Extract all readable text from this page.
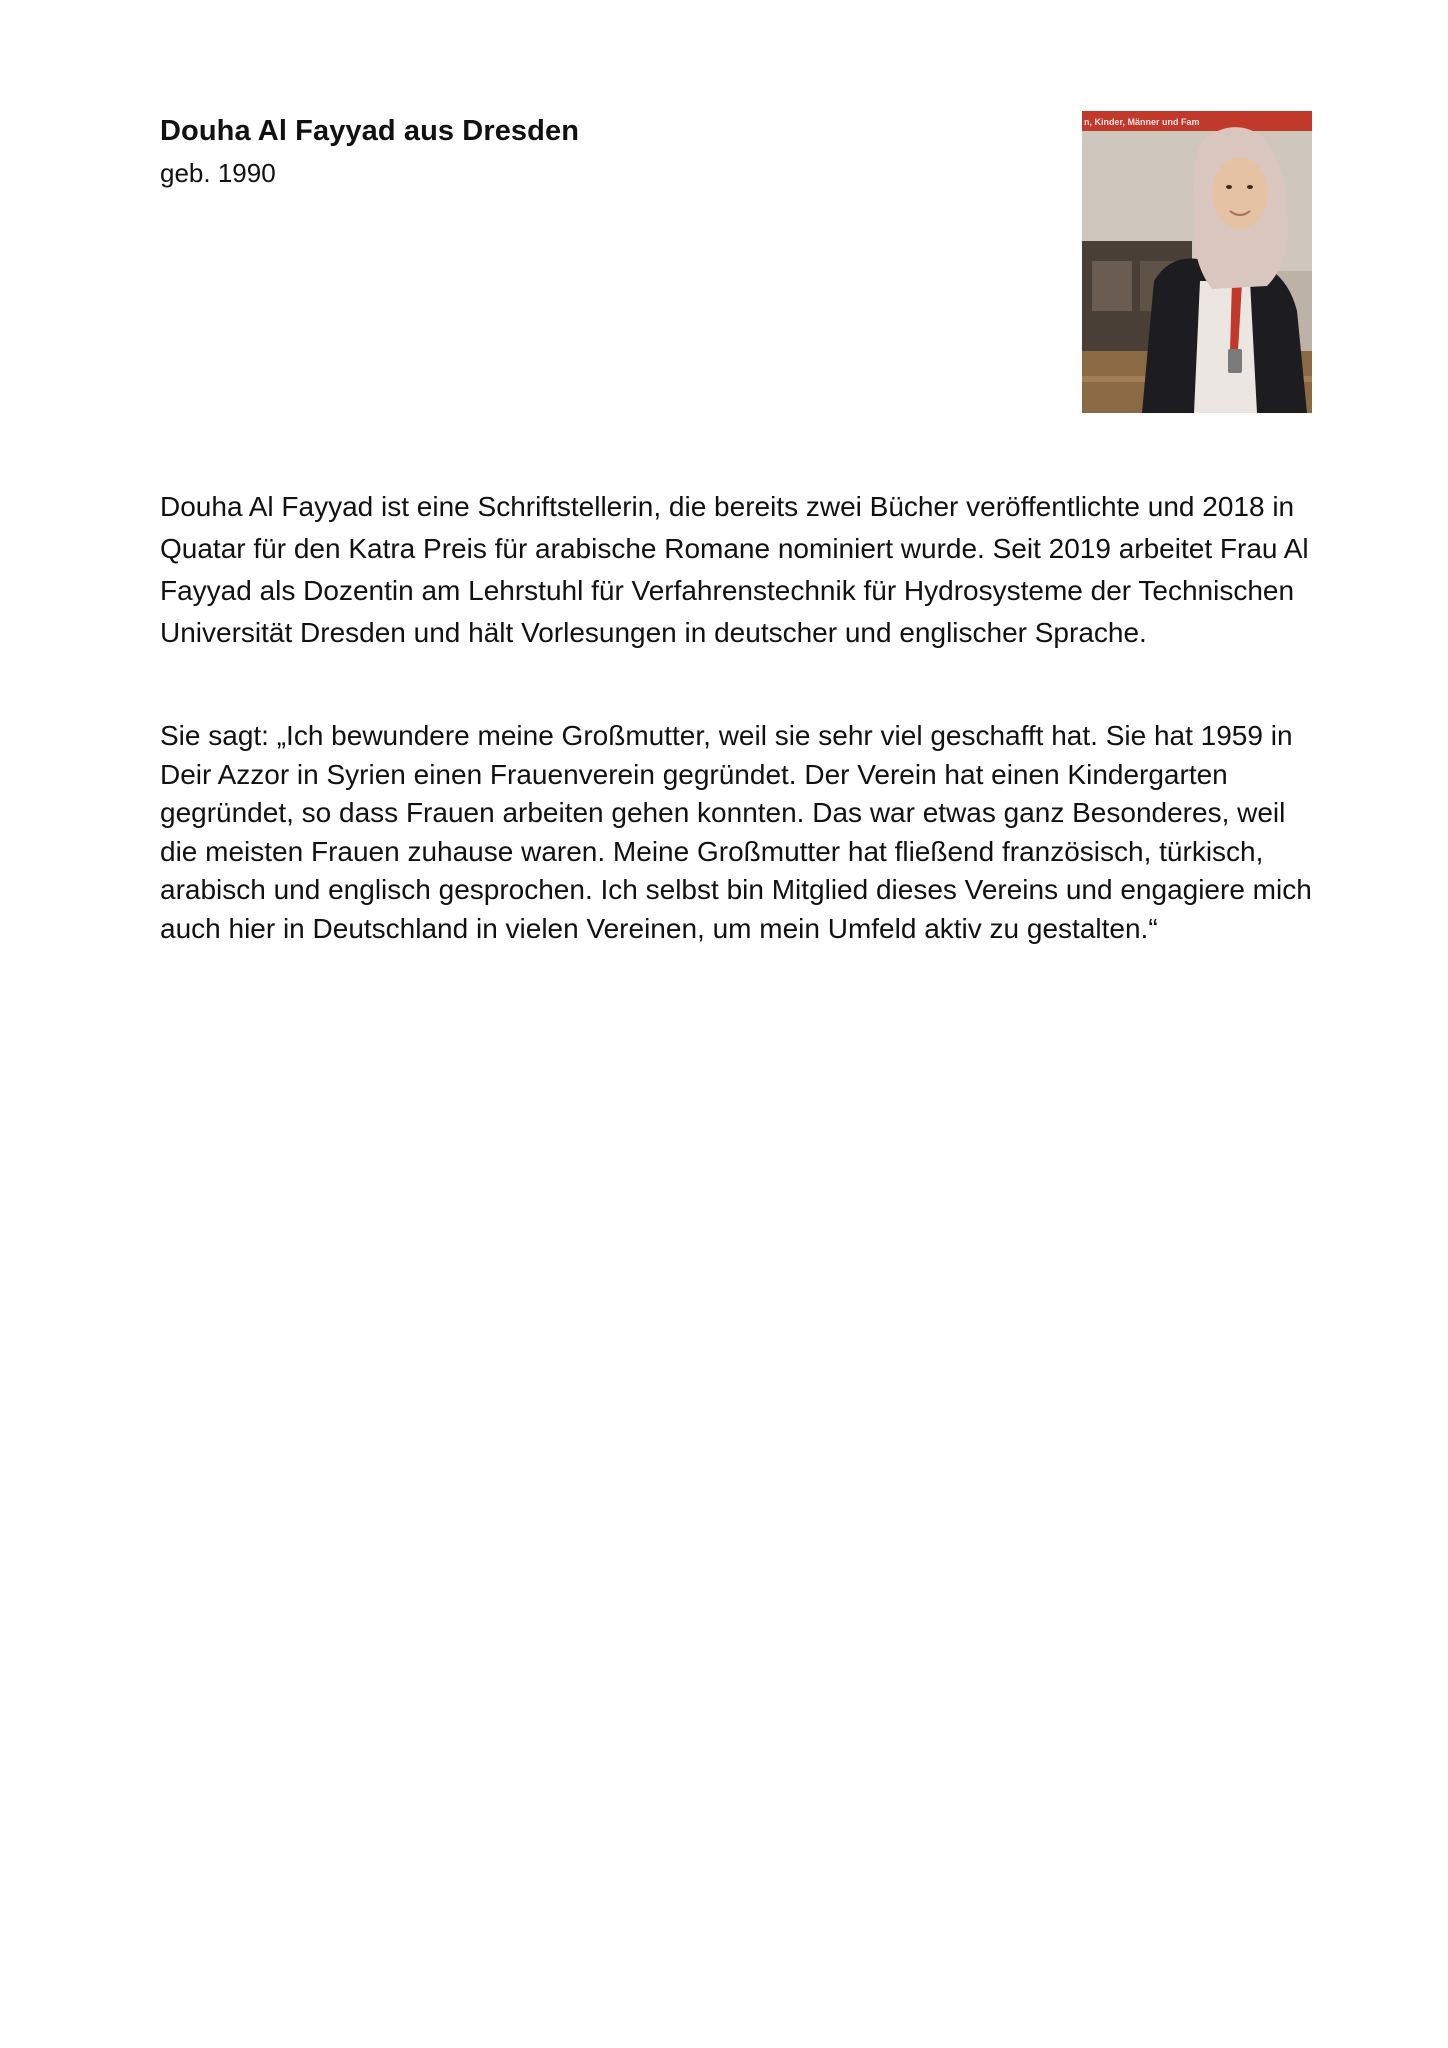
Douha Al Fayyad aus Dresden

geb. 1990

n, Kinder, Männer und Fam

Douha Al Fayyad ist eine Schriftstellerin, die bereits zwei Bücher veröffentlichte und 2018 in Quatar für den Katra Preis für arabische Romane nominiert wurde. Seit 2019 arbeitet Frau Al Fayyad als Dozentin am Lehrstuhl für Verfahrenstechnik für Hydrosysteme der Technischen Universität Dresden und hält Vorlesungen in deutscher und englischer Sprache.

Sie sagt: „Ich bewundere meine Großmutter, weil sie sehr viel geschafft hat. Sie hat 1959 in Deir Azzor in Syrien einen Frauenverein gegründet. Der Verein hat einen Kindergarten gegründet, so dass Frauen arbeiten gehen konnten. Das war etwas ganz Besonderes, weil die meisten Frauen zuhause waren. Meine Großmutter hat fließend französisch, türkisch, arabisch und englisch gesprochen. Ich selbst bin Mitglied dieses Vereins und engagiere mich auch hier in Deutschland in vielen Vereinen, um mein Umfeld aktiv zu gestalten.“
